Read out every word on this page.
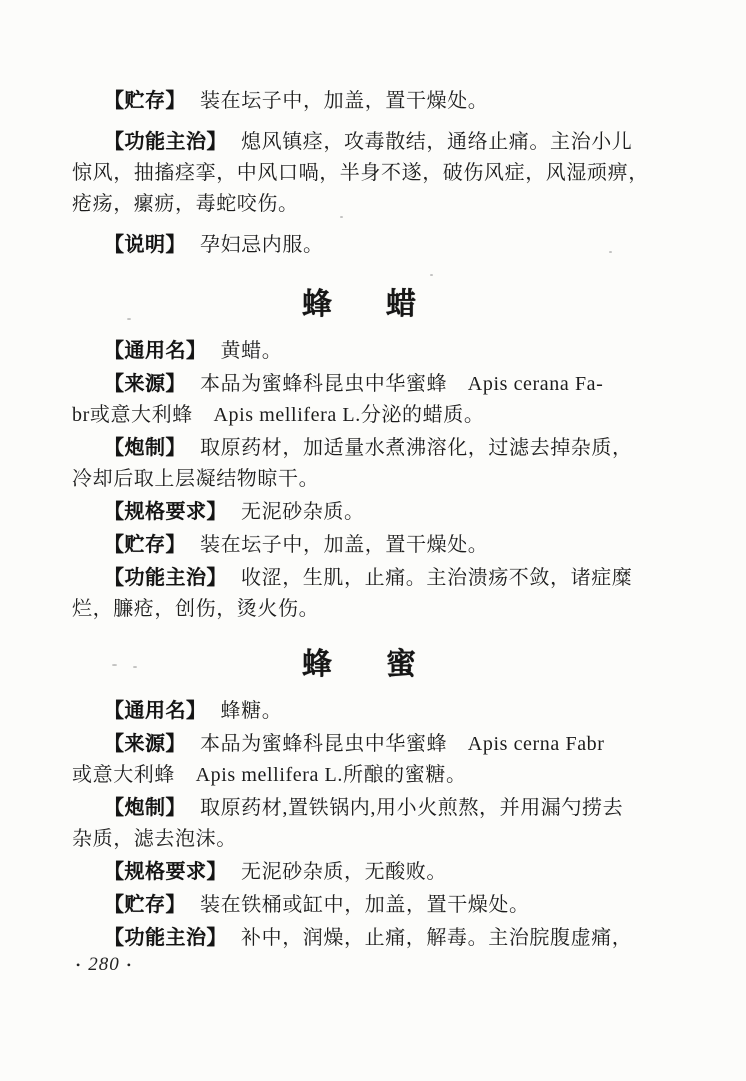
【贮存】 装在坛子中，加盖，置干燥处。
【功能主治】 熄风镇痉，攻毒散结，通络止痛。主治小儿
惊风，抽搐痉挛，中风口喎，半身不遂，破伤风症，风湿顽痹，
疮疡，瘰疬，毒蛇咬伤。
【说明】 孕妇忌内服。
蜂 蜡
【通用名】 黄蜡。
【来源】 本品为蜜蜂科昆虫中华蜜蜂　Apis cerana Fa-
br或意大利蜂　Apis mellifera L.分泌的蜡质。
【炮制】 取原药材，加适量水煮沸溶化，过滤去掉杂质，
冷却后取上层凝结物晾干。
【规格要求】 无泥砂杂质。
【贮存】 装在坛子中，加盖，置干燥处。
【功能主治】 收涩，生肌，止痛。主治溃疡不敛，诸症糜
烂，臁疮，创伤，烫火伤。
蜂 蜜
【通用名】 蜂糖。
【来源】 本品为蜜蜂科昆虫中华蜜蜂　Apis cerna Fabr
或意大利蜂　Apis mellifera L.所酿的蜜糖。
【炮制】 取原药材,置铁锅内,用小火煎熬，并用漏勺捞去
杂质，滤去泡沫。
【规格要求】 无泥砂杂质，无酸败。
【贮存】 装在铁桶或缸中，加盖，置干燥处。
【功能主治】 补中，润燥，止痛，解毒。主治脘腹虚痛，
• 280 •
